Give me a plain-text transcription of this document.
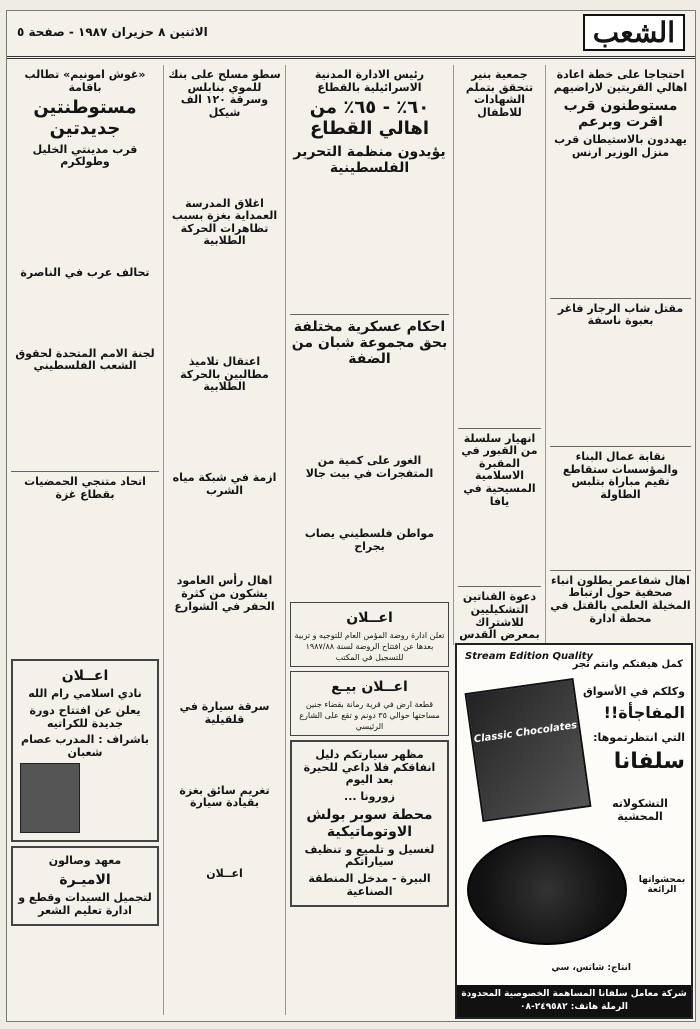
الشعب
الاثنين ٨ حزيران ١٩٨٧ - صفحة ٥
احتجاجا على خطة اعادة اهالي القريتين لاراضيهم
مستوطنون قرب اقرت وبرعم
يهددون بالاستيطان قرب منزل الوزير ارنس
مقتل شاب الرجار فاغر بعبوة ناسفة
نقابة عمال البناء والمؤسسات ستقاطع تقيم مباراة بتلبس الطاولة
اهال شفاعمر يطلون انباء صحفية حول ارتباط المخيلة العلمي بالقتل في محطة ادارة
جمعية بنير تتحقق بتملم الشهادات للاطفال
انهيار سلسلة من القبور في المقبرة الاسلامية المسيحية في يافا
دعوة القناتين التشكيليين للاشتراك بمعرض القدس
Stream Edition Quality
Classic Chocolates
كمل هيفتكم وانتم تجر
وكلكم في الأسواق
المفاجأة!!
التي انتظرتموها:
سلفانا
التشكولاته المحشية
بمحشواتها الرائعة
انتاج: شاتس، سي
شركة معامل سلفانا المساهمة الخصوصية المحدودة
الرملة هاتف: ٢٤٩٥٨٢-٠٨
رئيس الادارة المدنية الاسرائيلية بالقطاع
٦٠٪ - ٦٥٪ من اهالي القطاع
يؤيدون منظمة التحرير الفلسطينية
احكام عسكرية مختلفة بحق مجموعة شبان من الضفة
الغور على كمية من المتفجرات في بيت جالا
مواطن فلسطيني يصاب بجراح
اعــلان
تعلن ادارة روضة المؤمن العام للتوجيه و تربية بعدها عن افتتاح الروضة لسنة ١٩٨٧/٨٨ للتسجيل في المكتب
اعــلان بيـع
قطعة ارض في قرية رمانة بقضاء جنين مساحتها حوالي ٣٥ دونم و تقع على الشارع الرئيسي
مظهر سيارتكم دليل انفاقكم فلا داعي للحيرة بعد اليوم
زورونا ...
محطة سوبر بولش الاوتوماتيكية
لغسيل و تلميع و تنظيف سياراتكم
البيرة - مدخل المنطقة الصناعية
سطو مسلح على بنك للموي بنابلس وسرقة ١٢٠ الف شيكل
اغلاق المدرسة العمداية بغزة بسبب تظاهرات الحركة الطلابية
اعتقال تلاميذ مطالبين بالحركة الطلابية
ازمة في شبكة مياه الشرب
اهال رأس العامود يشكون من كثرة الحفر في الشوارع
سرقة سيارة في قلقيلية
تغريم سائق بغزة بقيادة سيارة
اعــلان
«غوش امونيم» تطالب باقامة
مستوطنتين جديدتين
قرب مدينتي الخليل وطولكرم
تحالف عرب في الناصرة
لجنة الامم المتحدة لحقوق الشعب الفلسطيني
اتحاد متنجي الحمضيات بقطاع غزة
اعــلان
نادي اسلامي رام الله
يعلن عن افتتاح دورة جديدة للكراتيه
باشراف : المدرب عصام شعبان
معهد وصالون
الاميـرة
لتجميل السيدات وقطع و ادارة تعليم الشعر
